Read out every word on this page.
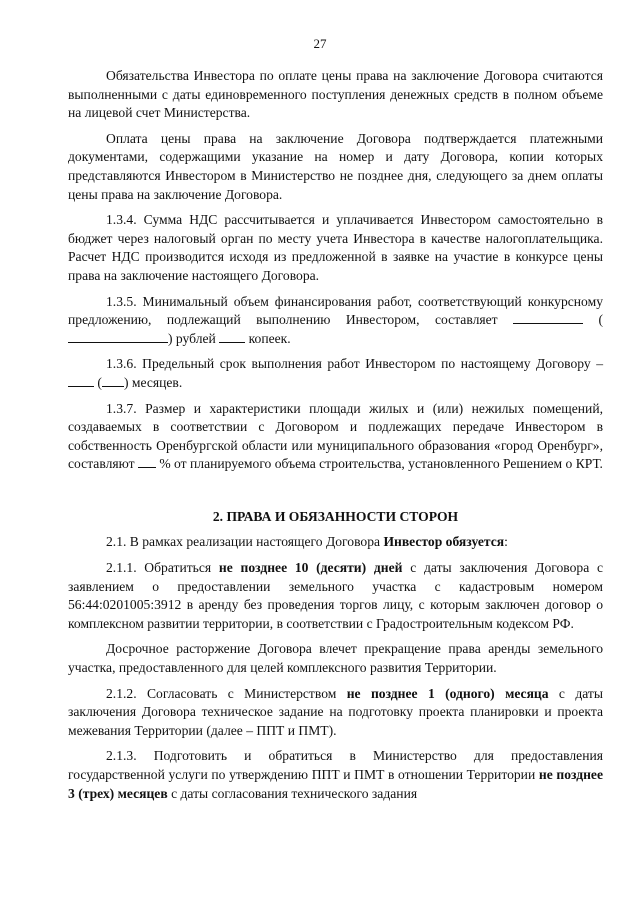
27

Обязательства Инвестора по оплате цены права на заключение Договора считаются выполненными с даты единовременного поступления денежных средств в полном объеме на лицевой счет Министерства.

Оплата цены права на заключение Договора подтверждается платежными документами, содержащими указание на номер и дату Договора, копии которых представляются Инвестором в Министерство не позднее дня, следующего за днем оплаты цены права на заключение Договора.

1.3.4. Сумма НДС рассчитывается и уплачивается Инвестором самостоятельно в бюджет через налоговый орган по месту учета Инвестора в качестве налогоплательщика. Расчет НДС производится исходя из предложенной в заявке на участие в конкурсе цены права на заключение настоящего Договора.

1.3.5. Минимальный объем финансирования работ, соответствующий конкурсному предложению, подлежащий выполнению Инвестором, составляет	() рублей  копеек.

1.3.6. Предельный срок выполнения работ Инвестором по настоящему Договору –  ( ) месяцев.

1.3.7. Размер и характеристики площади жилых и (или) нежилых помещений, создаваемых в соответствии с Договором и подлежащих передаче Инвестором в собственность Оренбургской области или муниципального образования «город Оренбург», составляют  % от планируемого объема строительства, установленного Решением о КРТ.

2. ПРАВА И ОБЯЗАННОСТИ СТОРОН

2.1. В рамках реализации настоящего Договора Инвестор обязуется:

2.1.1. Обратиться не позднее 10 (десяти) дней с даты заключения Договора с заявлением о предоставлении земельного участка с кадастровым номером 56:44:0201005:3912 в аренду без проведения торгов лицу, с которым заключен договор о комплексном развитии территории, в соответствии с Градостроительным кодексом РФ.

Досрочное расторжение Договора влечет прекращение права аренды земельного участка, предоставленного для целей комплексного развития Территории.

2.1.2. Согласовать с Министерством не позднее 1 (одного) месяца с даты заключения Договора техническое задание на подготовку проекта планировки и проекта межевания Территории (далее – ППТ и ПМТ).

2.1.3. Подготовить и обратиться в Министерство для предоставления государственной услуги по утверждению ППТ и ПМТ в отношении Территории не позднее 3 (трех) месяцев с даты согласования технического задания
